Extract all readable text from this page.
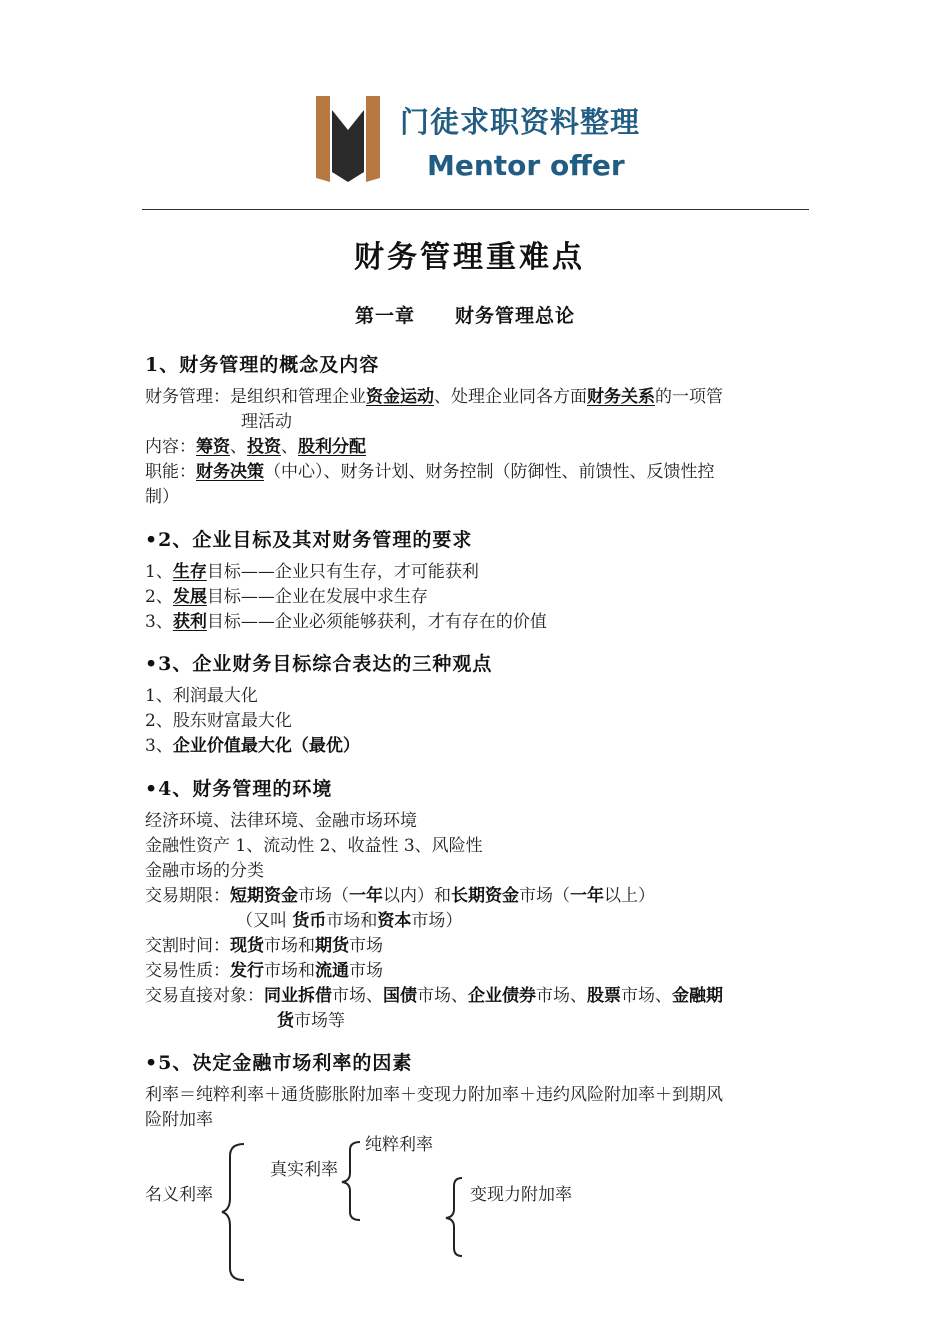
门徒求职资料整理
Mentor offer
财务管理重难点
第一章　　财务管理总论
1、财务管理的概念及内容
财务管理：是组织和管理企业资金运动、处理企业同各方面财务关系的一项管
理活动
内容：筹资、投资、股利分配
职能：财务决策（中心）、财务计划、财务控制（防御性、前馈性、反馈性控
制）
•2、企业目标及其对财务管理的要求
1、生存目标——企业只有生存，才可能获利
2、发展目标——企业在发展中求生存
3、获利目标——企业必须能够获利，才有存在的价值
•3、企业财务目标综合表达的三种观点
1、利润最大化
2、股东财富最大化
3、企业价值最大化（最优）
•4、财务管理的环境
经济环境、法律环境、金融市场环境
金融性资产 1、流动性 2、收益性 3、风险性
金融市场的分类
交易期限：短期资金市场（一年以内）和长期资金市场（一年以上）
（又叫 货币市场和资本市场）
交割时间：现货市场和期货市场
交易性质：发行市场和流通市场
交易直接对象：同业拆借市场、国债市场、企业债券市场、股票市场、金融期
货市场等
•5、决定金融市场利率的因素
利率＝纯粹利率＋通货膨胀附加率＋变现力附加率＋违约风险附加率＋到期风
险附加率
名义利率
真实利率
纯粹利率
变现力附加率
